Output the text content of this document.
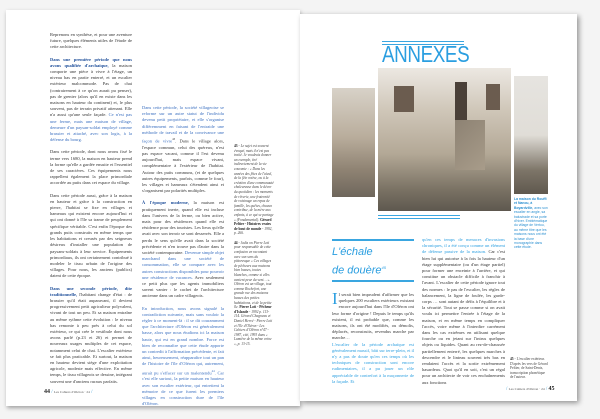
Reprenons en synthèse, et pour une aventure future, quelques éléments utiles de l'étude de cette architecture.

Dans une première période que nous avons qualifiée d'archaïque, la maison comporte une pièce à vivre à l'étage, un niveau bas en partie enterré, et un escalier extérieur malcommode. Pas de chai (contrairement à ce qu'on aurait pu penser), pas de grenier (alors qu'il en existe dans les maisons en hauteur du continent) et, le plus souvent, pas de terrain privatif attenant. Elle n'a aussi qu'une seule façade. Ce n'est pas une ferme, mais une maison de village, demeure d'un paysan-soldat employé comme brassier et attaché, avec son logis, à la défense du bourg.

Dans cette période, dont nous avons fixé le terme vers 1680, la maison en hauteur prend la forme qu'elle a gardée ensuite et l'essentiel de ses caractères. Ces équipements nous rappellent également la place primordiale accordée au puits dans cet espace du village.

Dans cette période aussi, grâce à la maison en hauteur et grâce à la construction en pierre, l'habitat se fixe en villages et hameaux qui existent encore aujourd'hui et qui ont donné à l'île sa trame de peuplement spécifique véritable. C'est enfin l'époque des grands puits construits en même temps que les habitations et creusés par des seigneurs désireux d'installer une population de paysans-soldats à leur service. Équipements primordiaux, ils ont certainement contribué à modeler le tissu urbain de l'origine des villages. Pour nous, les anciens (publics) datent de cette époque.

Dans une seconde période, dite traditionnelle, l'habitant change d'état : de brassier qu'il était auparavant, il devient progressivement petit agriculteur polyvalent, vivant de tout un peu. Et sa maison entraîne au même rythme cette évolution : le niveau bas remonte à peu près à celui du sol extérieur, ce qui crée le vestibule dont nous avons parlé (p.23 et 26) et permet de nouveaux usages multiples de cet espace, notamment celui de chai. L'escalier extérieur se fait plus praticable. Et surtout, la maison en hauteur devient siège d'une exploitation agricole, modeste mais effective. En même temps, le tissu villageois se dessine, intégrant souvent une d'anciens ruraux parfaits.

Dans cette période, la société villageoise se reforme sur un autre statut de l'individu devenu petit propriétaire, et elle s'organise différemment en faisant de l'entraide une méthode de travail et de la convivance une façon de vivre$^{43}$. Dans le village alors, l'espace commun, celui des quéreux, n'est pas espace vacant, comme il l'est devenu aujourd'hui, mais espace vivant, complémentaire à l'extérieur de l'habitat. Autour des puits communs, (et de quelques autres équipements, parfois, comme le four), les villages et hameaux s'étendent ainsi et s'organisent par polarités multiples.

À l'époque moderne, la maison est pratiquement inerte, quand elle est incluse dans l'univers de la ferme, ou bien active, mais pour des résidences quand elle est résidence pour des touristes. Les lieux qu'elle avait avec son terroir se sont desserrés. Elle a perdu le sens qu'elle avait dans la société précédente et n'en trouve pas d'autre dans la société contemporaine. Devenue simple objet marchand dans une société de consommation, elle se compare avec les autres constructions disponibles pour pouvoir une résidence de vacances. Avec seulement ce petit plus que les agents immobiliers savent vanter : le cachet de l'architecture ancienne dans un cadre villageois.

En introduction, nous avons signalé la contradiction suivante, mais sans vouloir la régler à ce moment-là : il se dit couramment que l'architecture d'Oléron est généralement basse, alors que nous étudions ici la maison haute, qui est en grand nombre. Force est bien de reconnaître que cette étude apporte un contredit à l'affirmation précédente, et fait ainsi, heureusement, réapparaître tout un pan de l'histoire de l'île d'Oléron qui, autrement, aurait pu s'effacer sur un malentendu$^{44}$. Car c'est elle surtout, la petite maison en hauteur avec son escalier extérieur, qui entretient la mémoire de ce que furent les premiers villages en construction dure de l'île d'Oléron.

43 - Le sujet est souvent évoqué, mais il n'est pas traité. Je voudrais donner un exemple, tiré indirectement de la vie courante : « Dans les années des fêtes de l'aïeul, de la fête votive, ou à la création d'une communauté chaleureuse dans le décor du quotidien : les moments de rêverie, une fraternité de voisinage un repas de famille, les quêtes, chacun contribue, de la mère aux enfants, à ce qui se partage » (Fondamental). Gérard Peltier - Histoires vraies de bout de monde - 1992, p. 266.

44 - Jadis on Pierre Loti pour responsable de cette confusion en racontant avec son sens du pittoresque « Ces villages de pêcheurs aux maisons bien basses, toutes blanches, comme si elles avaient peur du vent… ». Oléron est un village, tout comme Rochefort, une grande rue des maisons basses des petites habitations, et de la petite île. Pierre Loti - Pêcheur d'Islande - 1992 p. 113-114. Gérard Chagneau et Daniel Hervé - Pierre Loti et l'île d'Oléron - Les Cahiers d'Oléron n°47 - 1987, cité, 1993 dans « Lumière de la même veine », p. 13-15.

44 / Les Cahiers d'Oléron · 24 /
ANNEXES
La maison du Rouffi et Nanou, à Boyardville, avec son escalier en angle, sa balustrade et sa porte d'hiver. Emblématique du village de Vertou, au même titre que les maisons nous ont été la base d'une monographie dans cette étude.
L'échale
de douère$^{45}$
Il serait bien imprudent d'affirmer que les quelques 200 escaliers extérieurs existant encore aujourd'hui dans l'île d'Oléron ont leur forme d'origine ! Depuis le temps qu'ils existent, il est probable que, comme les maisons, ils ont été modifiés, ou démolis, déplacés, reconstruits, revendus marche par marche…
L'escalier de la période archaïque est généralement massif, bâti sur terre-plein, et il n'y a pas de doute qu'en ces temps où les techniques de construction sont encore rudimentaires, il a pu jouer un rôle appréciable de contrefort à la maçonnerie de la façade. Et
qu'en ces temps de menaces d'invasions chroniques, il a été conçu comme un élément de défense passive de la maison. Car c'est bien lui qui autorise à la fois la hauteur d'un étage supplémentaire (ou d'un étage partiel) pour former une enceinte à l'arrière, et qui constitue un obstacle difficile à franchir à l'avant. L'escalier de cette période ignore tout des normes : le pas de l'escalier, les règles de balancement, la ligne de foulée, les garde-corps … sont autant de défis à l'équilibre et à la sécurité. Tout se passe comme si on avait voulu ici permettre l'entrée à l'étage de la maison, et en même temps en compliquer l'accès, voire même à l'interdire carrément dans les cas extrêmes en utilisant quelque fourche ou en jetant sur l'intrus quelques objets ou liquides. Quant au rez-de-chaussée partiellement enterré, les quelques marches à descendre et le linteau souvent très bas en rendaient l'accès et la sortie extrêmement hasardeux. Quoi qu'il en soit, c'est un régal pour un architecte de voir ces enchaînements aux fonctions
45 - L'escalier extérieur. D'après les vers de Gérard Peltier, de Saint-Denis, transcription phonétique de l'auteur.
/ Les Cahiers d'Oléron · 24 / 45
